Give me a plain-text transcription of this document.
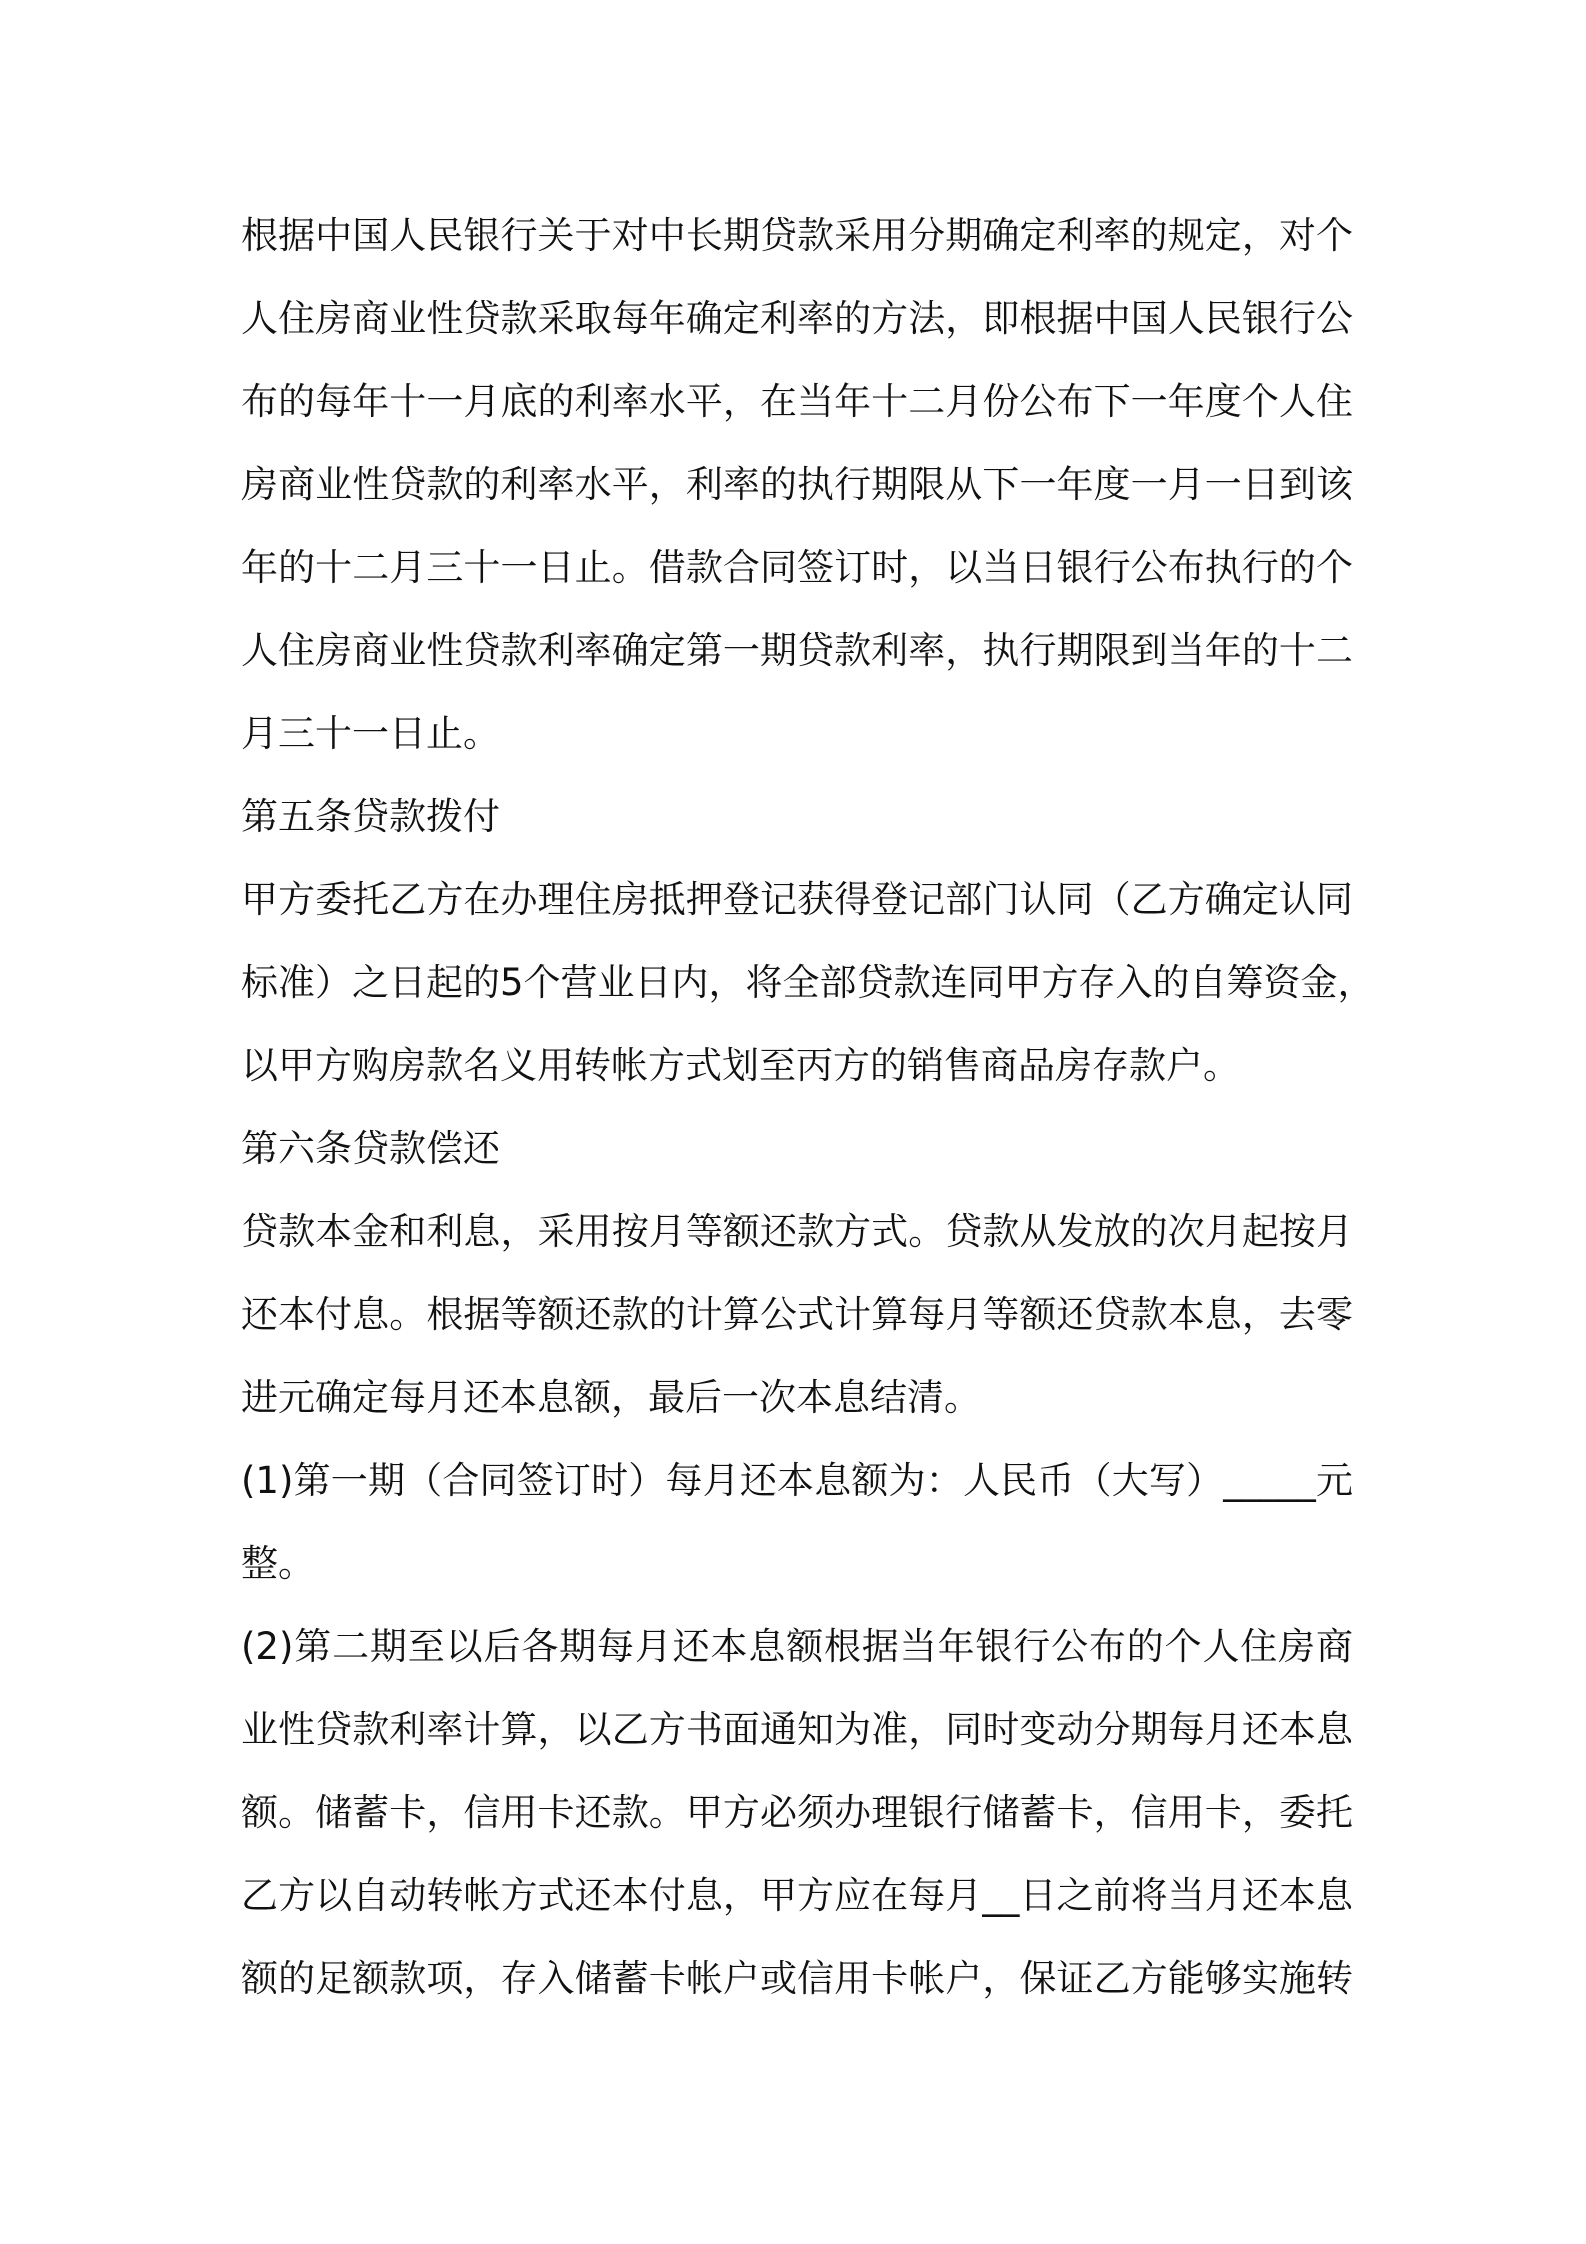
根据中国人民银行关于对中长期贷款采用分期确定利率的规定，对个
人住房商业性贷款采取每年确定利率的方法，即根据中国人民银行公
布的每年十一月底的利率水平，在当年十二月份公布下一年度个人住
房商业性贷款的利率水平，利率的执行期限从下一年度一月一日到该
年的十二月三十一日止。借款合同签订时，以当日银行公布执行的个
人住房商业性贷款利率确定第一期贷款利率，执行期限到当年的十二
月三十一日止。
第五条贷款拨付
甲方委托乙方在办理住房抵押登记获得登记部门认同（乙方确定认同
标准）之日起的5个营业日内，将全部贷款连同甲方存入的自筹资金，
以甲方购房款名义用转帐方式划至丙方的销售商品房存款户。
第六条贷款偿还
贷款本金和利息，采用按月等额还款方式。贷款从发放的次月起按月
还本付息。根据等额还款的计算公式计算每月等额还贷款本息，去零
进元确定每月还本息额，最后一次本息结清。
(1)第一期（合同签订时）每月还本息额为：人民币（大写）_____元
整。
(2)第二期至以后各期每月还本息额根据当年银行公布的个人住房商
业性贷款利率计算，以乙方书面通知为准，同时变动分期每月还本息
额。储蓄卡，信用卡还款。甲方必须办理银行储蓄卡，信用卡，委托
乙方以自动转帐方式还本付息，甲方应在每月__日之前将当月还本息
额的足额款项，存入储蓄卡帐户或信用卡帐户，保证乙方能够实施转
